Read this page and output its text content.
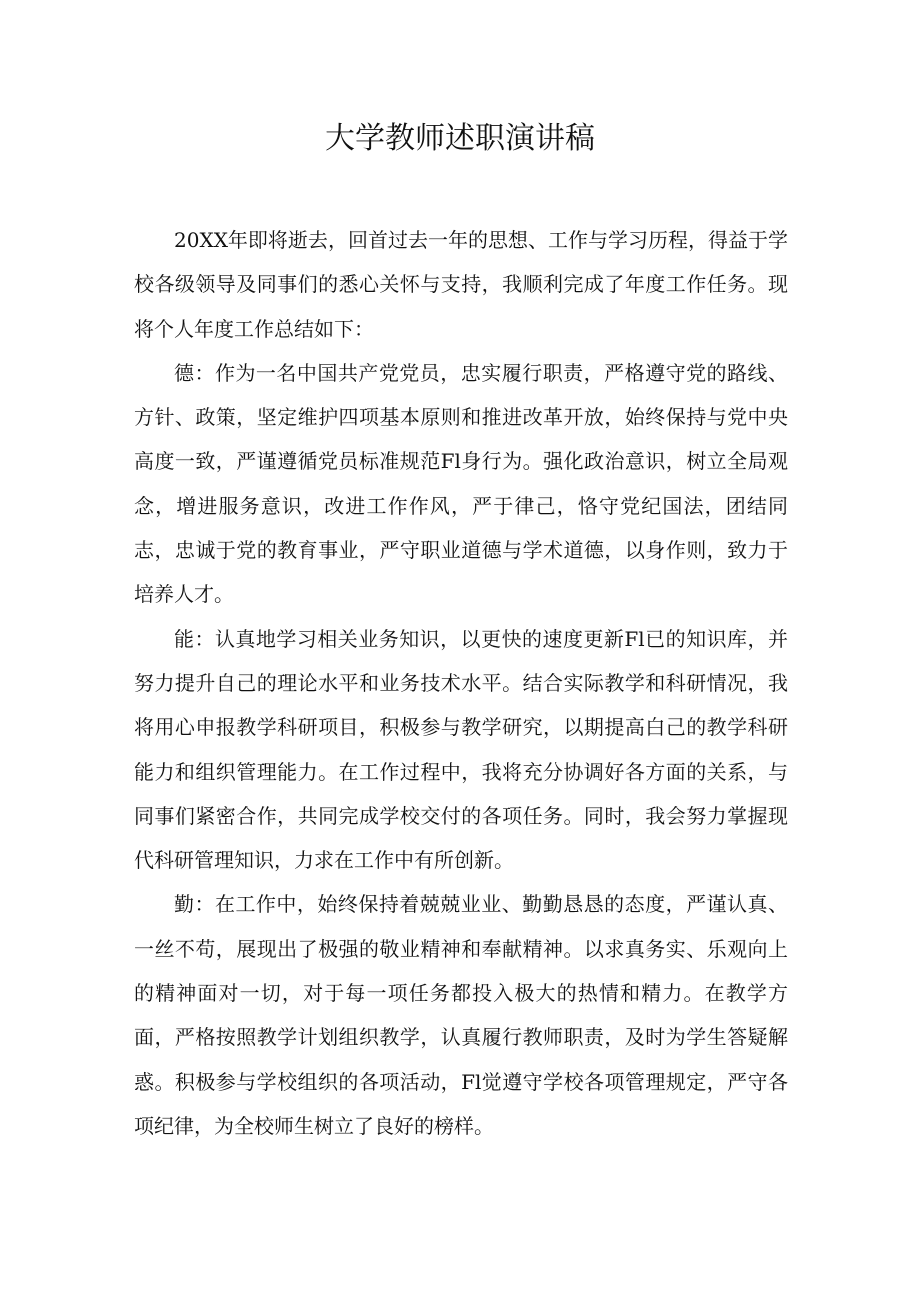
大学教师述职演讲稿

20XX年即将逝去，回首过去一年的思想、工作与学习历程，得益于学校各级领导及同事们的悉心关怀与支持，我顺利完成了年度工作任务。现将个人年度工作总结如下：

德：作为一名中国共产党党员，忠实履行职责，严格遵守党的路线、方针、政策，坚定维护四项基本原则和推进改革开放，始终保持与党中央高度一致，严谨遵循党员标准规范Fl身行为。强化政治意识，树立全局观念，增进服务意识，改进工作作风，严于律己，恪守党纪国法，团结同志，忠诚于党的教育事业，严守职业道德与学术道德，以身作则，致力于培养人才。

能：认真地学习相关业务知识，以更快的速度更新Fl已的知识库，并努力提升自己的理论水平和业务技术水平。结合实际教学和科研情况，我将用心申报教学科研项目，积极参与教学研究，以期提高白己的教学科研能力和组织管理能力。在工作过程中，我将充分协调好各方面的关系，与同事们紧密合作，共同完成学校交付的各项任务。同时，我会努力掌握现代科研管理知识，力求在工作中有所创新。

勤：在工作中，始终保持着兢兢业业、勤勤恳恳的态度，严谨认真、一丝不苟，展现出了极强的敬业精神和奉献精神。以求真务实、乐观向上的精神面对一切，对于每一项任务都投入极大的热情和精力。在教学方面，严格按照教学计划组织教学，认真履行教师职责，及时为学生答疑解惑。积极参与学校组织的各项活动，Fl觉遵守学校各项管理规定，严守各项纪律，为全校师生树立了良好的榜样。
